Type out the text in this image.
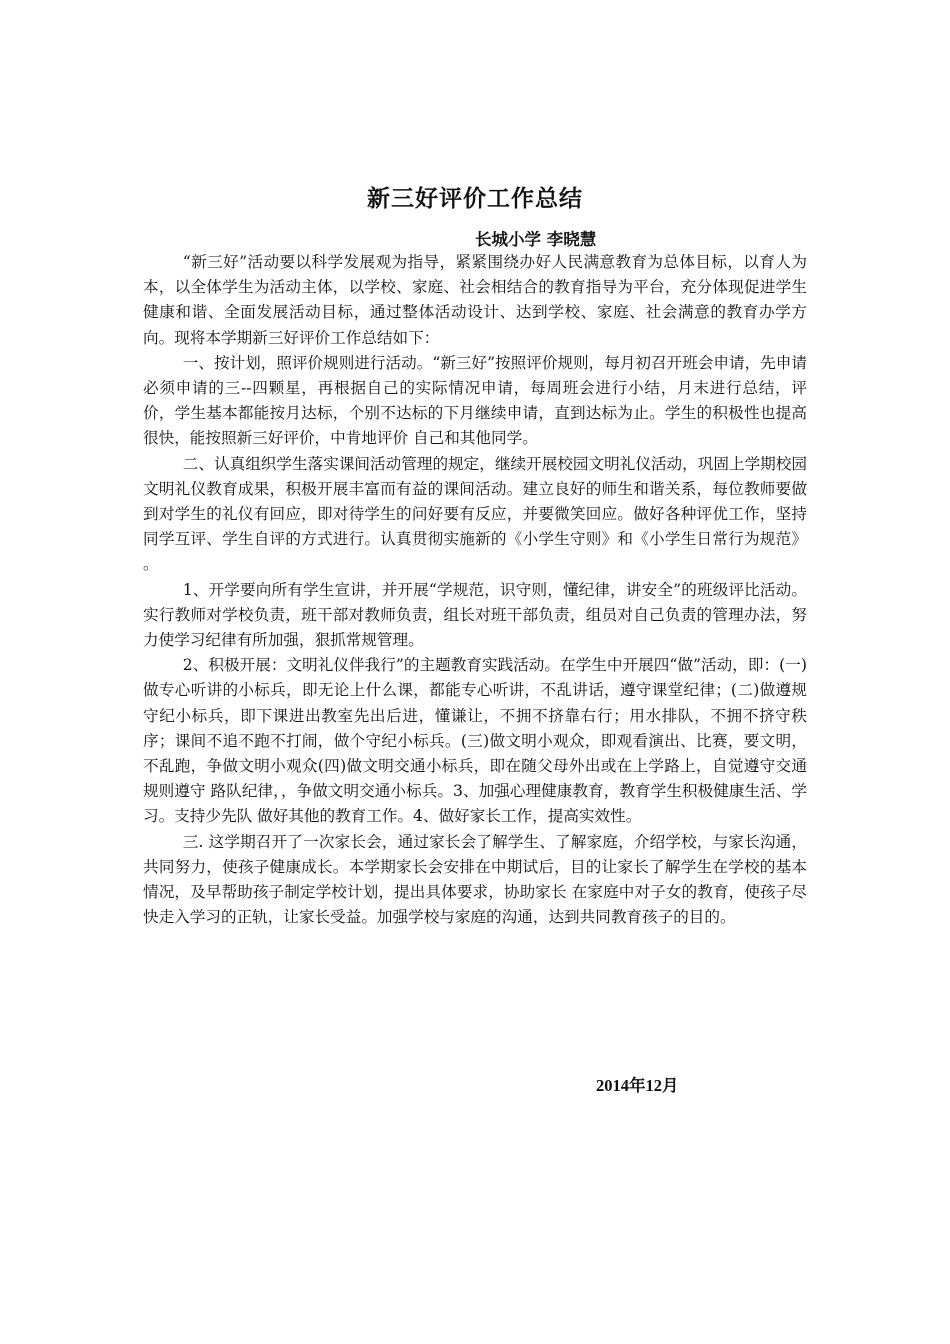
新三好评价工作总结

长城小学 李晓慧

“新三好”活动要以科学发展观为指导，紧紧围绕办好人民满意教育为总体目标，以育人为本，以全体学生为活动主体，以学校、家庭、社会相结合的教育指导为平台，充分体现促进学生健康和谐、全面发展活动目标，通过整体活动设计、达到学校、家庭、社会满意的教育办学方向。现将本学期新三好评价工作总结如下：

一、按计划，照评价规则进行活动。“新三好”按照评价规则，每月初召开班会申请，先申请必须申请的三--四颗星，再根据自己的实际情况申请，每周班会进行小结，月末进行总结，评价，学生基本都能按月达标，个别不达标的下月继续申请，直到达标为止。学生的积极性也提高很快，能按照新三好评价，中肯地评价 自己和其他同学。

二、认真组织学生落实课间活动管理的规定，继续开展校园文明礼仪活动，巩固上学期校园文明礼仪教育成果，积极开展丰富而有益的课间活动。建立良好的师生和谐关系，每位教师要做到对学生的礼仪有回应，即对待学生的问好要有反应，并要微笑回应。做好各种评优工作，坚持同学互评、学生自评的方式进行。认真贯彻实施新的《小学生守则》和《小学生日常行为规范》 。

1、开学要向所有学生宣讲，并开展“学规范，识守则，懂纪律，讲安全”的班级评比活动。实行教师对学校负责，班干部对教师负责，组长对班干部负责，组员对自己负责的管理办法，努力使学习纪律有所加强，狠抓常规管理。

2、积极开展：文明礼仪伴我行”的主题教育实践活动。在学生中开展四“做”活动，即：(一)做专心听讲的小标兵，即无论上什么课，都能专心听讲，不乱讲话，遵守课堂纪律；(二)做遵规守纪小标兵，即下课进出教室先出后进，懂谦让，不拥不挤靠右行；用水排队，不拥不挤守秩序；课间不追不跑不打闹，做个守纪小标兵。(三)做文明小观众，即观看演出、比赛，要文明，不乱跑，争做文明小观众(四)做文明交通小标兵，即在随父母外出或在上学路上，自觉遵守交通规则遵守 路队纪律，，争做文明交通小标兵。3、加强心理健康教育，教育学生积极健康生活、学习。支持少先队 做好其他的教育工作。4、做好家长工作，提高实效性。

三. 这学期召开了一次家长会，通过家长会了解学生、了解家庭，介绍学校，与家长沟通，共同努力，使孩子健康成长。本学期家长会安排在中期试后，目的让家长了解学生在学校的基本情况，及早帮助孩子制定学校计划，提出具体要求，协助家长 在家庭中对子女的教育，使孩子尽快走入学习的正轨，让家长受益。加强学校与家庭的沟通，达到共同教育孩子的目的。

2014年12月
